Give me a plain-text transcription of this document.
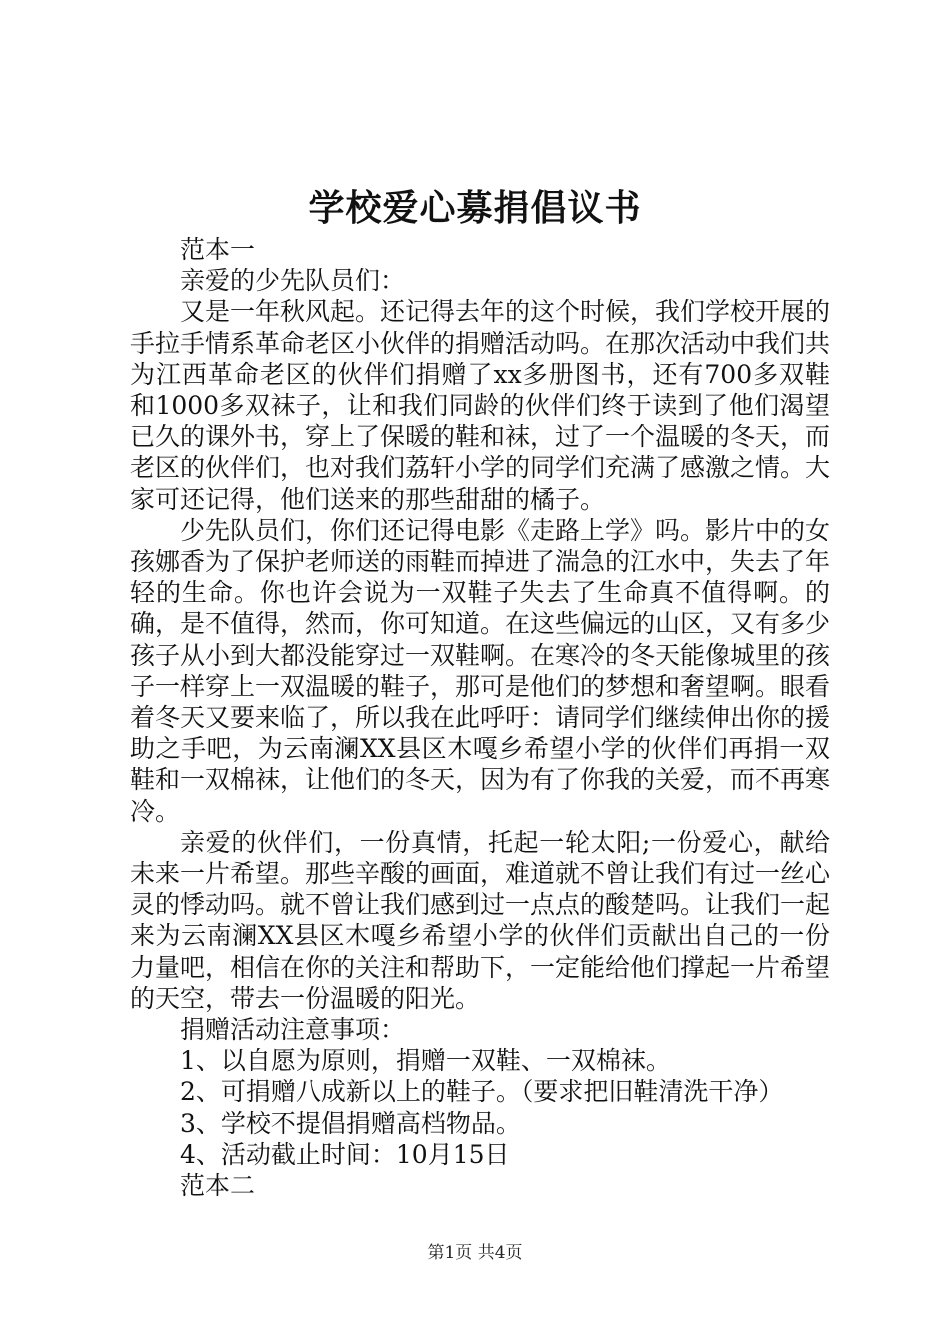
学校爱心募捐倡议书

范本一

亲爱的少先队员们：

又是一年秋风起。还记得去年的这个时候，我们学校开展的手拉手情系革命老区小伙伴的捐赠活动吗。在那次活动中我们共为江西革命老区的伙伴们捐赠了xx多册图书，还有700多双鞋和1000多双袜子，让和我们同龄的伙伴们终于读到了他们渴望已久的课外书，穿上了保暖的鞋和袜，过了一个温暖的冬天，而老区的伙伴们，也对我们荔轩小学的同学们充满了感激之情。大家可还记得，他们送来的那些甜甜的橘子。

少先队员们，你们还记得电影《走路上学》吗。影片中的女孩娜香为了保护老师送的雨鞋而掉进了湍急的江水中，失去了年轻的生命。你也许会说为一双鞋子失去了生命真不值得啊。的确，是不值得，然而，你可知道。在这些偏远的山区，又有多少孩子从小到大都没能穿过一双鞋啊。在寒冷的冬天能像城里的孩子一样穿上一双温暖的鞋子，那可是他们的梦想和奢望啊。眼看着冬天又要来临了，所以我在此呼吁：请同学们继续伸出你的援助之手吧，为云南澜XX县区木嘎乡希望小学的伙伴们再捐一双鞋和一双棉袜，让他们的冬天，因为有了你我的关爱，而不再寒冷。

亲爱的伙伴们，一份真情，托起一轮太阳;一份爱心，献给未来一片希望。那些辛酸的画面，难道就不曾让我们有过一丝心灵的悸动吗。就不曾让我们感到过一点点的酸楚吗。让我们一起来为云南澜XX县区木嘎乡希望小学的伙伴们贡献出自己的一份力量吧，相信在你的关注和帮助下，一定能给他们撑起一片希望的天空，带去一份温暖的阳光。

捐赠活动注意事项：

1、以自愿为原则，捐赠一双鞋、一双棉袜。

2、可捐赠八成新以上的鞋子。（要求把旧鞋清洗干净）

3、学校不提倡捐赠高档物品。

4、活动截止时间：10月15日

范本二

第1页 共4页
